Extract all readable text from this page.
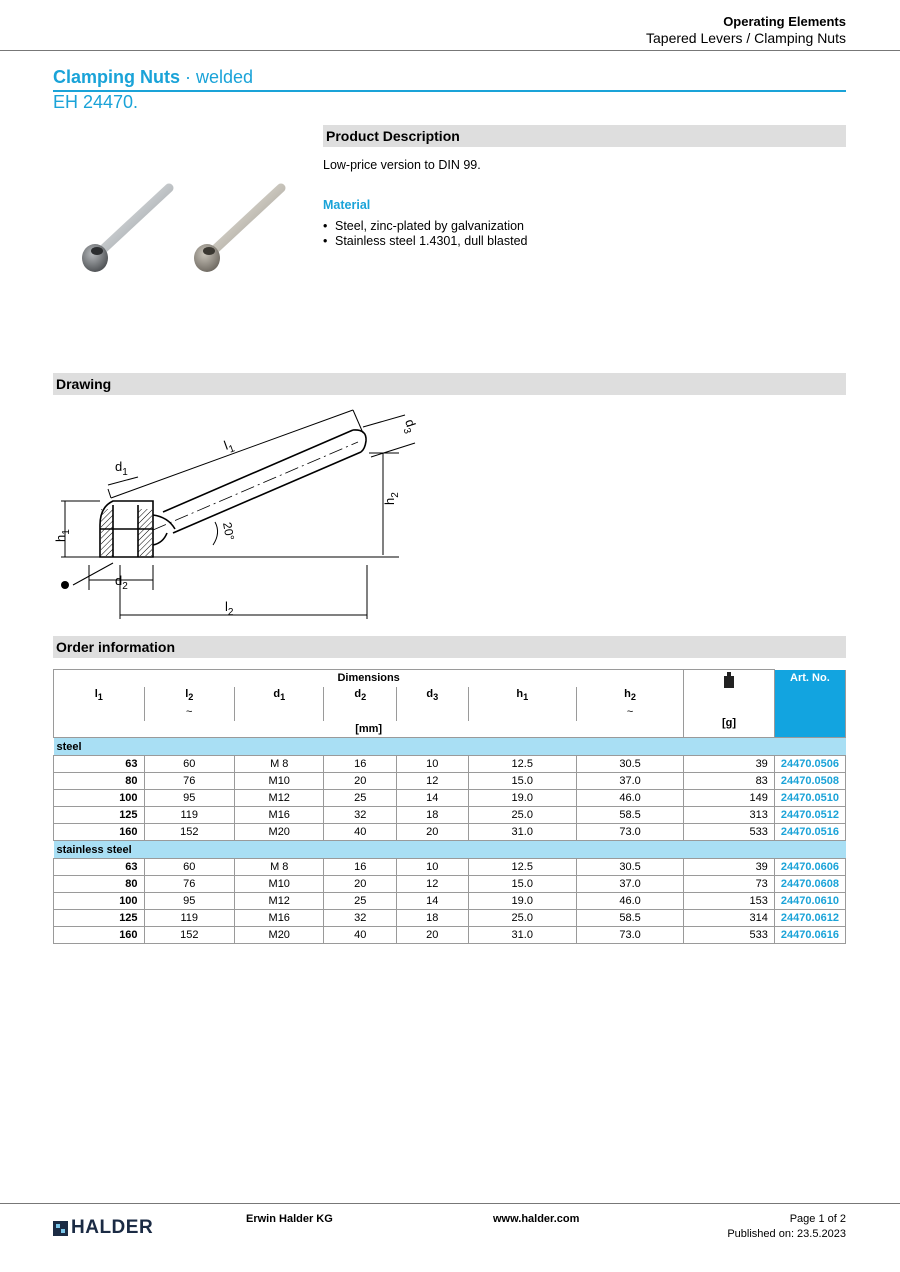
Operating Elements
Tapered Levers / Clamping Nuts
Clamping Nuts · welded
EH 24470.
Product Description
Low-price version to DIN 99.
Material
• Steel, zinc-plated by galvanization
• Stainless steel 1.4301, dull blasted
Drawing
$l_1$
$d_1$
$d_2$
$d_3$
$h_1$
$h_2$
20°
$l_2$
Order information
Dimensions							[g]	Art. No.
$l_1$	$l_2$	$d_1$	$d_2$	$d_3$	$h_1$	$h_2$
	~					~		
[mm]								
steel								
63	60	M 8	16	10	12.5	30.5	39	24470.0506
80	76	M10	20	12	15.0	37.0	83	24470.0508
100	95	M12	25	14	19.0	46.0	149	24470.0510
125	119	M16	32	18	25.0	58.5	313	24470.0512
160	152	M20	40	20	31.0	73.0	533	24470.0516
stainless steel								
63	60	M 8	16	10	12.5	30.5	39	24470.0606
80	76	M10	20	12	15.0	37.0	73	24470.0608
100	95	M12	25	14	19.0	46.0	153	24470.0610
125	119	M16	32	18	25.0	58.5	314	24470.0612
160	152	M20	40	20	31.0	73.0	533	24470.0616
HALDER	Erwin Halder KG	www.halder.com	Page 1 of 2
Published on: 23.5.2023
